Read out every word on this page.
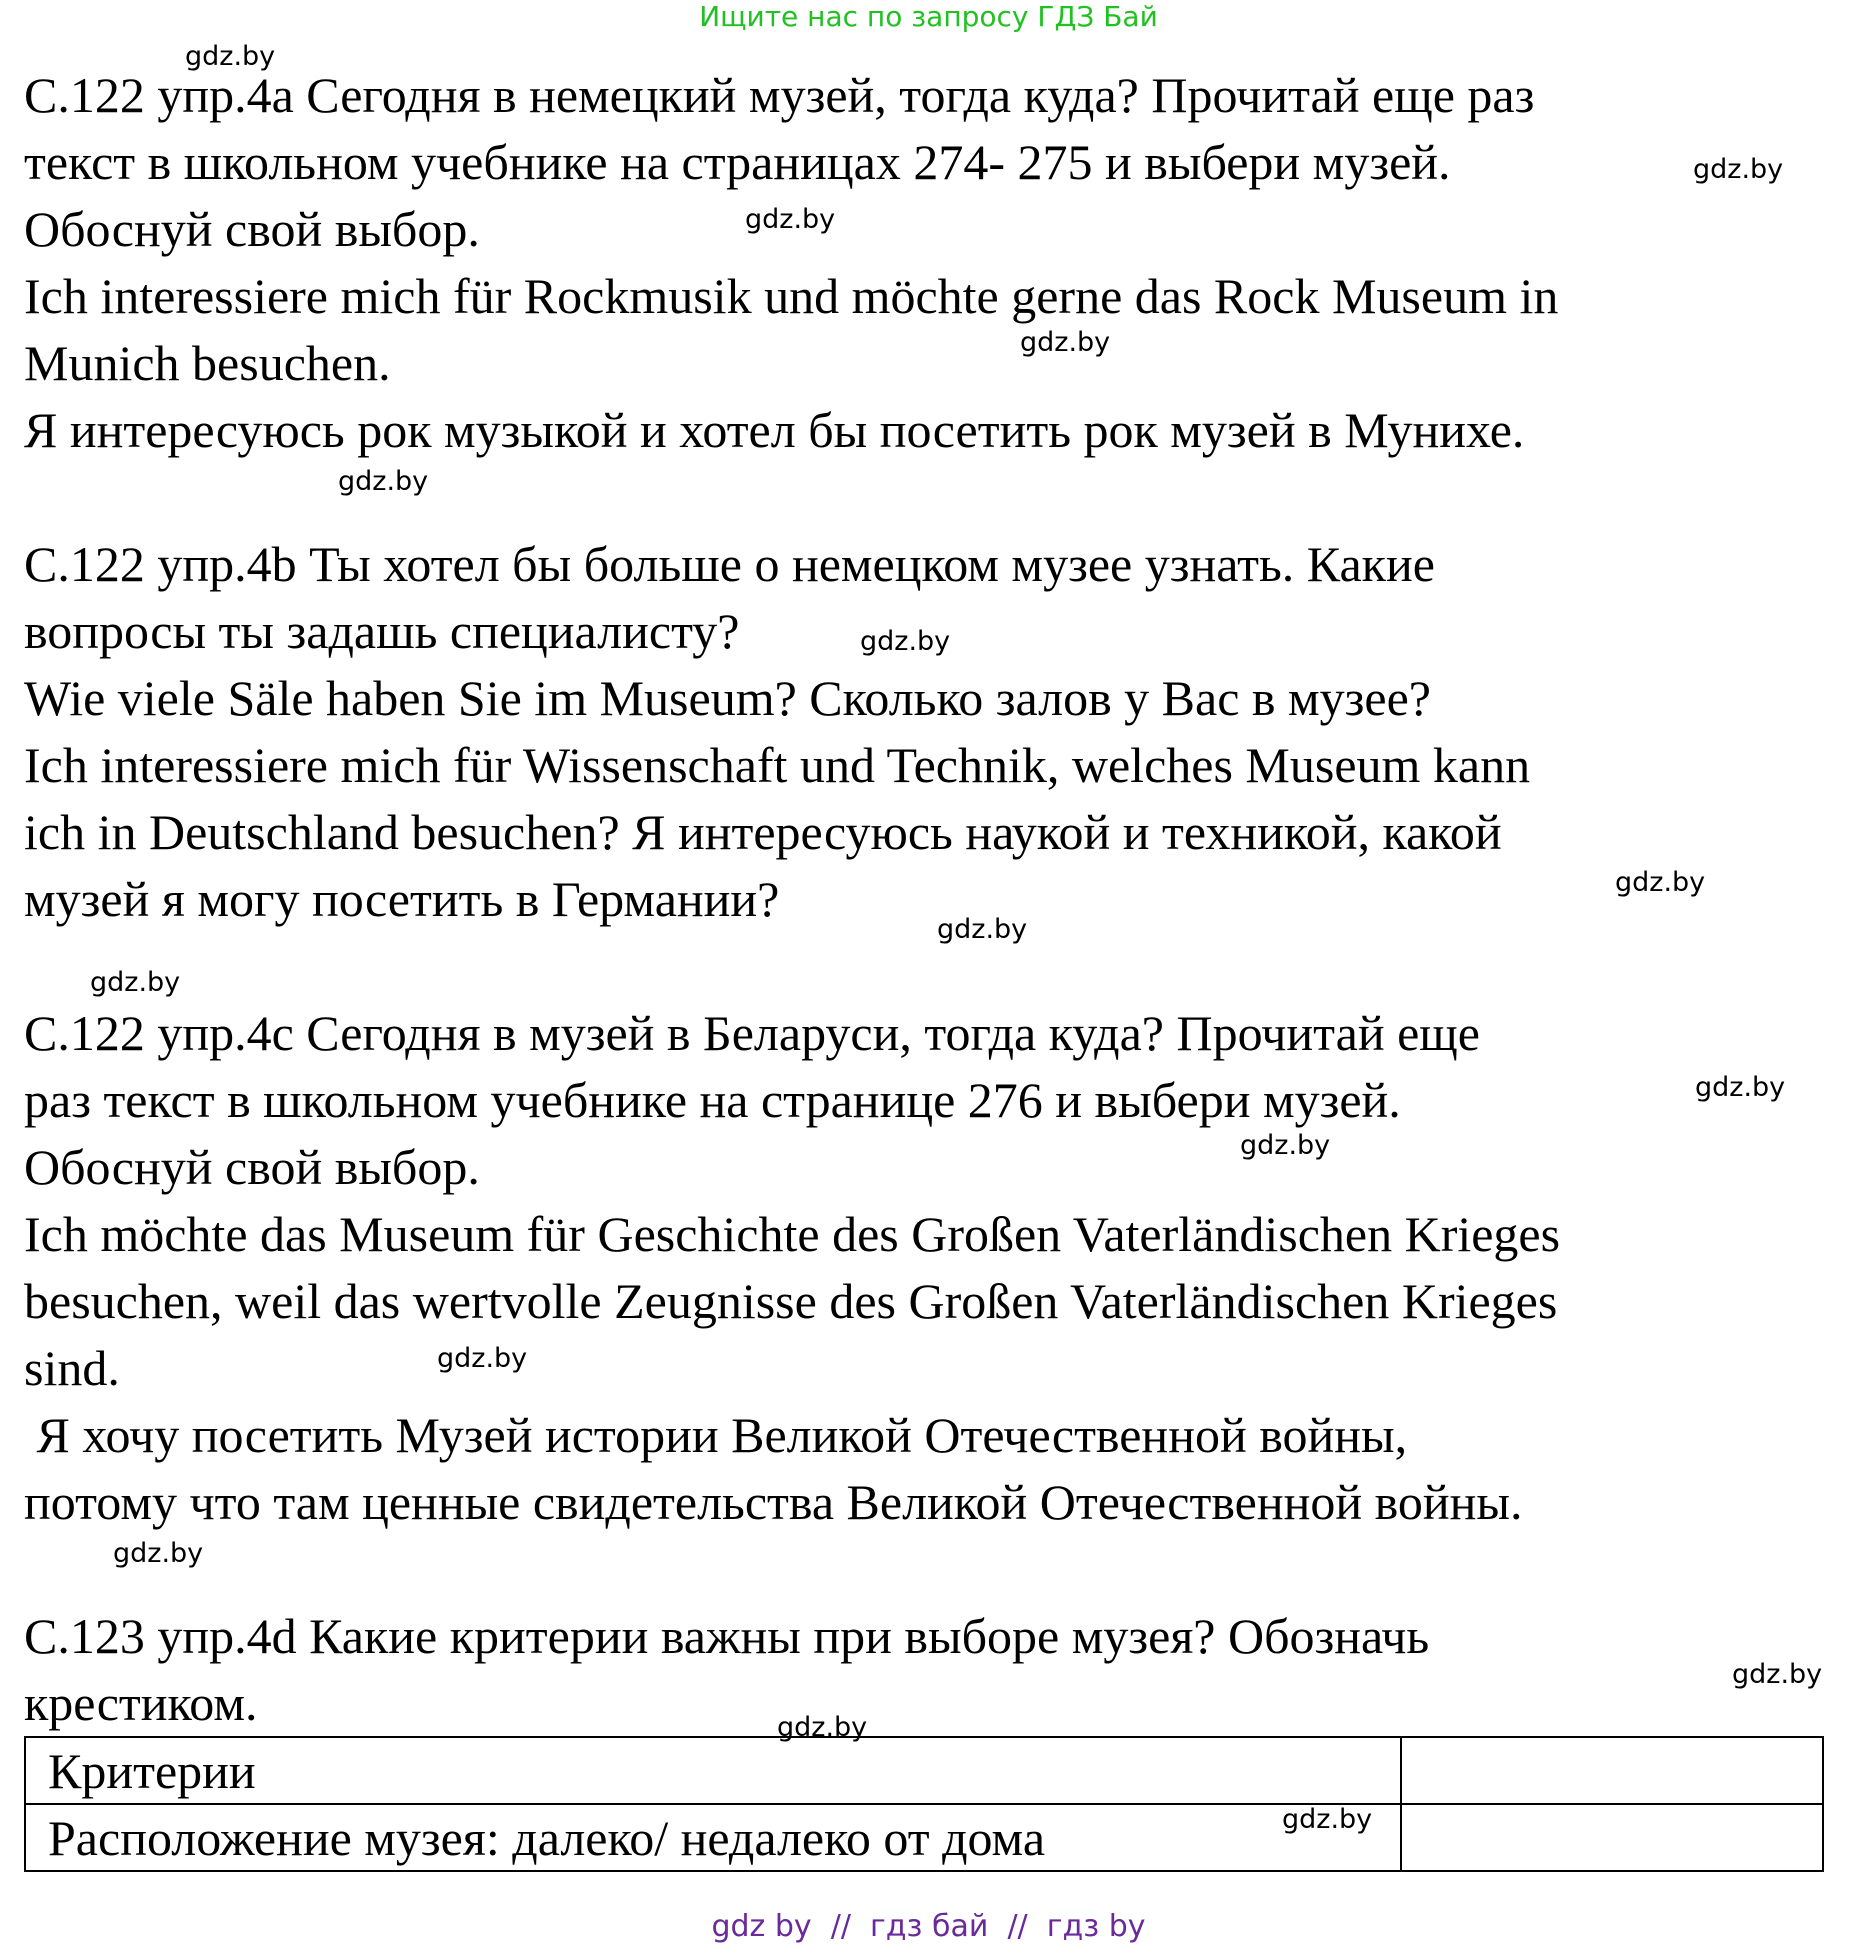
Ищите нас по запросу ГДЗ Бай

С.122 упр.4а Сегодня в немецкий музей, тогда куда? Прочитай еще раз

текст в школьном учебнике на страницах 274- 275 и выбери музей.

Обоснуй свой выбор.

Ich interessiere mich für Rockmusik und möchte gerne das Rock Museum in

Munich besuchen.

Я интересуюсь рок музыкой и хотел бы посетить рок музей в Мунихе.

С.122 упр.4b Ты хотел бы больше о немецком музее узнать. Какие

вопросы ты задашь специалисту?

Wie viele Säle haben Sie im Museum? Сколько залов у Вас в музее?

Ich interessiere mich für Wissenschaft und Technik, welches Museum kann

ich in Deutschland besuchen? Я интересуюсь наукой и техникой, какой

музей я могу посетить в Германии?

С.122 упр.4с Сегодня в музей в Беларуси, тогда куда? Прочитай еще

раз текст в школьном учебнике на странице 276 и выбери музей.

Обоснуй свой выбор.

Ich möchte das Museum für Geschichte des Großen Vaterländischen Krieges

besuchen, weil das wertvolle Zeugnisse des Großen Vaterländischen Krieges

sind.

Я хочу посетить Музей истории Великой Отечественной войны,

потому что там ценные свидетельства Великой Отечественной войны.

С.123 упр.4d Какие критерии важны при выборе музея? Обозначь

крестиком.

Критерии	
Расположение музея: далеко/ недалеко от дома	
gdz.by
gdz.by
gdz.by
gdz.by
gdz.by
gdz.by
gdz.by
gdz.by
gdz.by
gdz.by
gdz.by
gdz.by
gdz.by
gdz.by
gdz.by
gdz.by
gdz by  //  гдз бай  //  гдз by
